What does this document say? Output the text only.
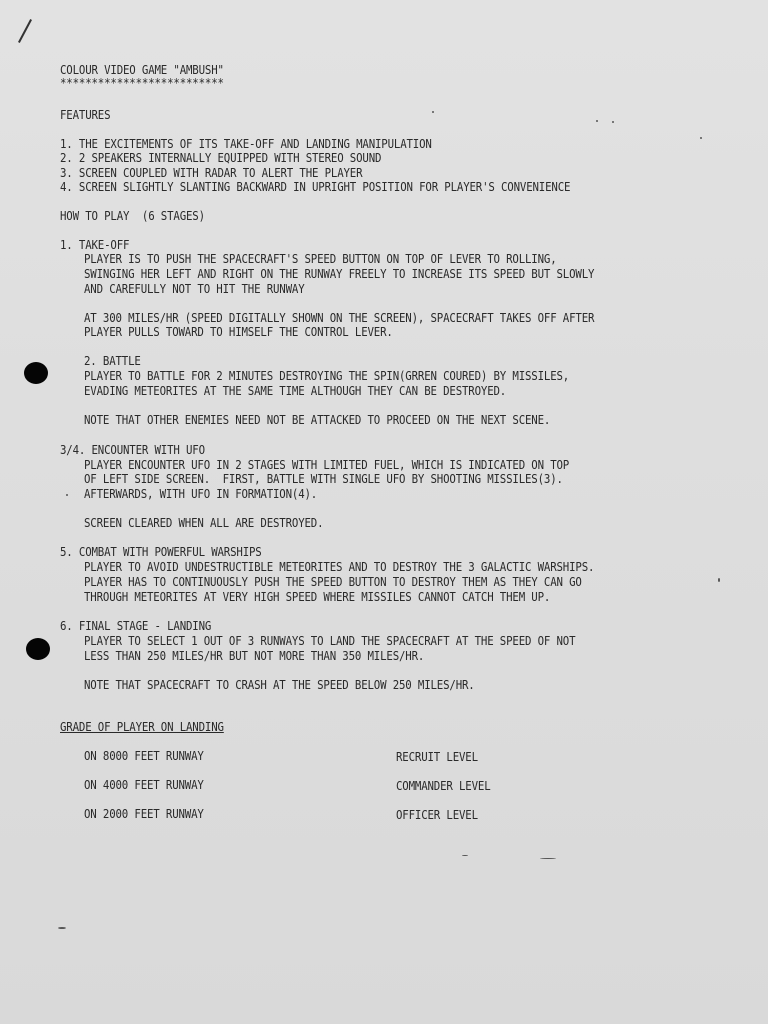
COLOUR VIDEO GAME "AMBUSH"
**************************
FEATURES
1. THE EXCITEMENTS OF ITS TAKE-OFF AND LANDING MANIPULATION
2. 2 SPEAKERS INTERNALLY EQUIPPED WITH STEREO SOUND
3. SCREEN COUPLED WITH RADAR TO ALERT THE PLAYER
4. SCREEN SLIGHTLY SLANTING BACKWARD IN UPRIGHT POSITION FOR PLAYER'S CONVENIENCE
HOW TO PLAY  (6 STAGES)
1. TAKE-OFF
PLAYER IS TO PUSH THE SPACECRAFT'S SPEED BUTTON ON TOP OF LEVER TO ROLLING,
SWINGING HER LEFT AND RIGHT ON THE RUNWAY FREELY TO INCREASE ITS SPEED BUT SLOWLY
AND CAREFULLY NOT TO HIT THE RUNWAY
AT 300 MILES/HR (SPEED DIGITALLY SHOWN ON THE SCREEN), SPACECRAFT TAKES OFF AFTER
PLAYER PULLS TOWARD TO HIMSELF THE CONTROL LEVER.
2. BATTLE
PLAYER TO BATTLE FOR 2 MINUTES DESTROYING THE SPIN(GRREN COURED) BY MISSILES,
EVADING METEORITES AT THE SAME TIME ALTHOUGH THEY CAN BE DESTROYED.
NOTE THAT OTHER ENEMIES NEED NOT BE ATTACKED TO PROCEED ON THE NEXT SCENE.
3/4. ENCOUNTER WITH UFO
PLAYER ENCOUNTER UFO IN 2 STAGES WITH LIMITED FUEL, WHICH IS INDICATED ON TOP
OF LEFT SIDE SCREEN.  FIRST, BATTLE WITH SINGLE UFO BY SHOOTING MISSILES(3).
AFTERWARDS, WITH UFO IN FORMATION(4).
SCREEN CLEARED WHEN ALL ARE DESTROYED.
5. COMBAT WITH POWERFUL WARSHIPS
PLAYER TO AVOID UNDESTRUCTIBLE METEORITES AND TO DESTROY THE 3 GALACTIC WARSHIPS.
PLAYER HAS TO CONTINUOUSLY PUSH THE SPEED BUTTON TO DESTROY THEM AS THEY CAN GO
THROUGH METEORITES AT VERY HIGH SPEED WHERE MISSILES CANNOT CATCH THEM UP.
6. FINAL STAGE - LANDING
PLAYER TO SELECT 1 OUT OF 3 RUNWAYS TO LAND THE SPACECRAFT AT THE SPEED OF NOT
LESS THAN 250 MILES/HR BUT NOT MORE THAN 350 MILES/HR.
NOTE THAT SPACECRAFT TO CRASH AT THE SPEED BELOW 250 MILES/HR.
GRADE OF PLAYER ON LANDING
ON 8000 FEET RUNWAY	RECRUIT LEVEL
ON 4000 FEET RUNWAY	COMMANDER LEVEL
ON 2000 FEET RUNWAY	OFFICER LEVEL
